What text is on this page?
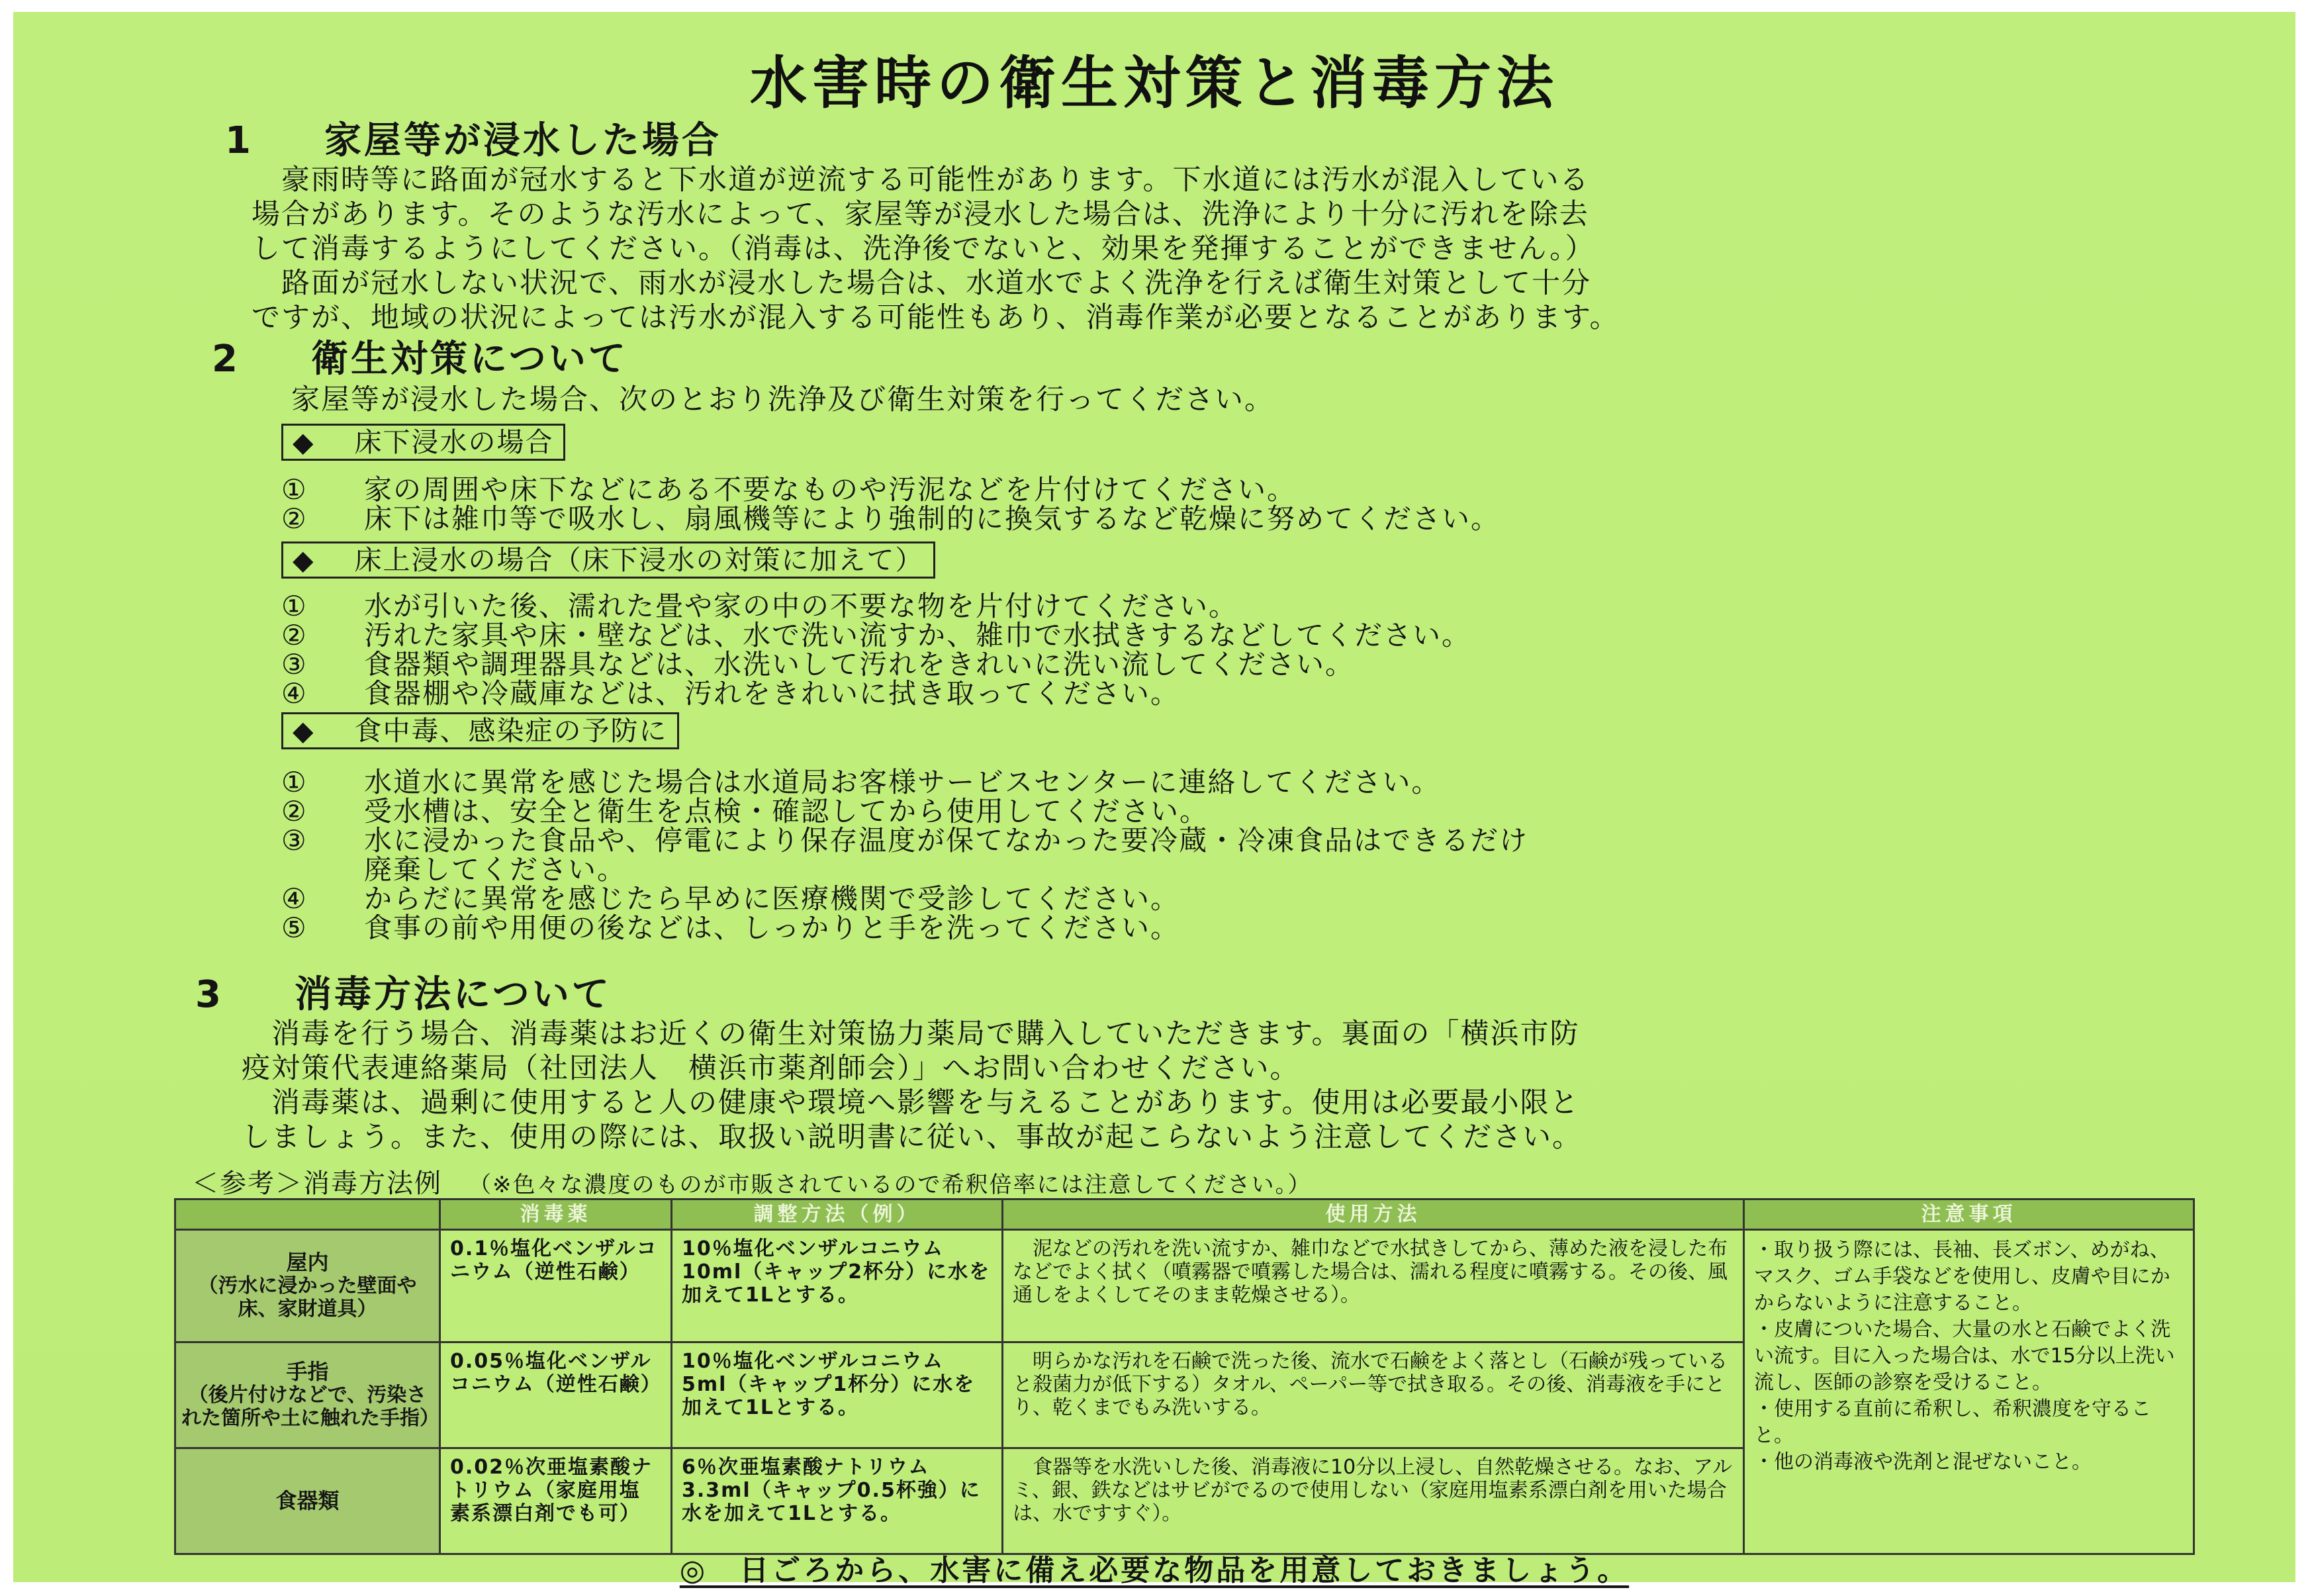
水害時の衛生対策と消毒方法
1 家屋等が浸水した場合
　豪雨時等に路面が冠水すると下水道が逆流する可能性があります。下水道には汚水が混入している
場合があります。そのような汚水によって、家屋等が浸水した場合は、洗浄により十分に汚れを除去
して消毒するようにしてください。（消毒は、洗浄後でないと、効果を発揮することができません。）
　路面が冠水しない状況で、雨水が浸水した場合は、水道水でよく洗浄を行えば衛生対策として十分
ですが、地域の状況によっては汚水が混入する可能性もあり、消毒作業が必要となることがあります。
2 衛生対策について
家屋等が浸水した場合、次のとおり洗浄及び衛生対策を行ってください。
◆ 床下浸水の場合
①	家の周囲や床下などにある不要なものや汚泥などを片付けてください。
②	床下は雑巾等で吸水し、扇風機等により強制的に換気するなど乾燥に努めてください。
◆ 床上浸水の場合（床下浸水の対策に加えて）
①	水が引いた後、濡れた畳や家の中の不要な物を片付けてください。
②	汚れた家具や床・壁などは、水で洗い流すか、雑巾で水拭きするなどしてください。
③	食器類や調理器具などは、水洗いして汚れをきれいに洗い流してください。
④	食器棚や冷蔵庫などは、汚れをきれいに拭き取ってください。
◆ 食中毒、感染症の予防に
①	水道水に異常を感じた場合は水道局お客様サービスセンターに連絡してください。
②	受水槽は、安全と衛生を点検・確認してから使用してください。
③	水に浸かった食品や、停電により保存温度が保てなかった要冷蔵・冷凍食品はできるだけ
廃棄してください。
④	からだに異常を感じたら早めに医療機関で受診してください。
⑤	食事の前や用便の後などは、しっかりと手を洗ってください。
3 消毒方法について
　消毒を行う場合、消毒薬はお近くの衛生対策協力薬局で購入していただきます。裏面の「横浜市防
疫対策代表連絡薬局（社団法人　横浜市薬剤師会）」へお問い合わせください。
　消毒薬は、過剰に使用すると人の健康や環境へ影響を与えることがあります。使用は必要最小限と
しましょう。また、使用の際には、取扱い説明書に従い、事故が起こらないよう注意してください。
＜参考＞消毒方法例 （※色々な濃度のものが市販されているので希釈倍率には注意してください。）
	消毒薬	調整方法（例）	使用方法	注意事項

屋内
（汚水に浸かった壁面や床、家財道具）	0.1％塩化ベンザルコニウム（逆性石鹸）	10％塩化ベンザルコニウム 10ml（キャップ2杯分）に水を加えて1Lとする。	　泥などの汚れを洗い流すか、雑巾などで水拭きしてから、薄めた液を浸した布などでよく拭く（噴霧器で噴霧した場合は、濡れる程度に噴霧する。その後、風通しをよくしてそのまま乾燥させる）。	・取り扱う際には、長袖、長ズボン、めがね、マスク、ゴム手袋などを使用し、皮膚や目にかからないように注意すること。
・皮膚についた場合、大量の水と石鹸でよく洗い流す。目に入った場合は、水で15分以上洗い流し、医師の診察を受けること。
・使用する直前に希釈し、希釈濃度を守ること。
・他の消毒液や洗剤と混ぜないこと。

手指
（後片付けなどで、汚染された箇所や土に触れた手指）	0.05％塩化ベンザルコニウム（逆性石鹸）	10％塩化ベンザルコニウム 5ml（キャップ1杯分）に水を加えて1Lとする。	　明らかな汚れを石鹸で洗った後、流水で石鹸をよく落とし（石鹸が残っていると殺菌力が低下する）タオル、ペーパー等で拭き取る。その後、消毒液を手にとり、乾くまでもみ洗いする。	

食器類	0.02％次亜塩素酸ナトリウム（家庭用塩素系漂白剤でも可）	6％次亜塩素酸ナトリウム 3.3ml（キャップ0.5杯強）に水を加えて1Lとする。	　食器等を水洗いした後、消毒液に10分以上浸し、自然乾燥させる。なお、アルミ、銀、鉄などはサビがでるので使用しない（家庭用塩素系漂白剤を用いた場合は、水ですすぐ）。	
◎　日ごろから、水害に備え必要な物品を用意しておきましょう。
